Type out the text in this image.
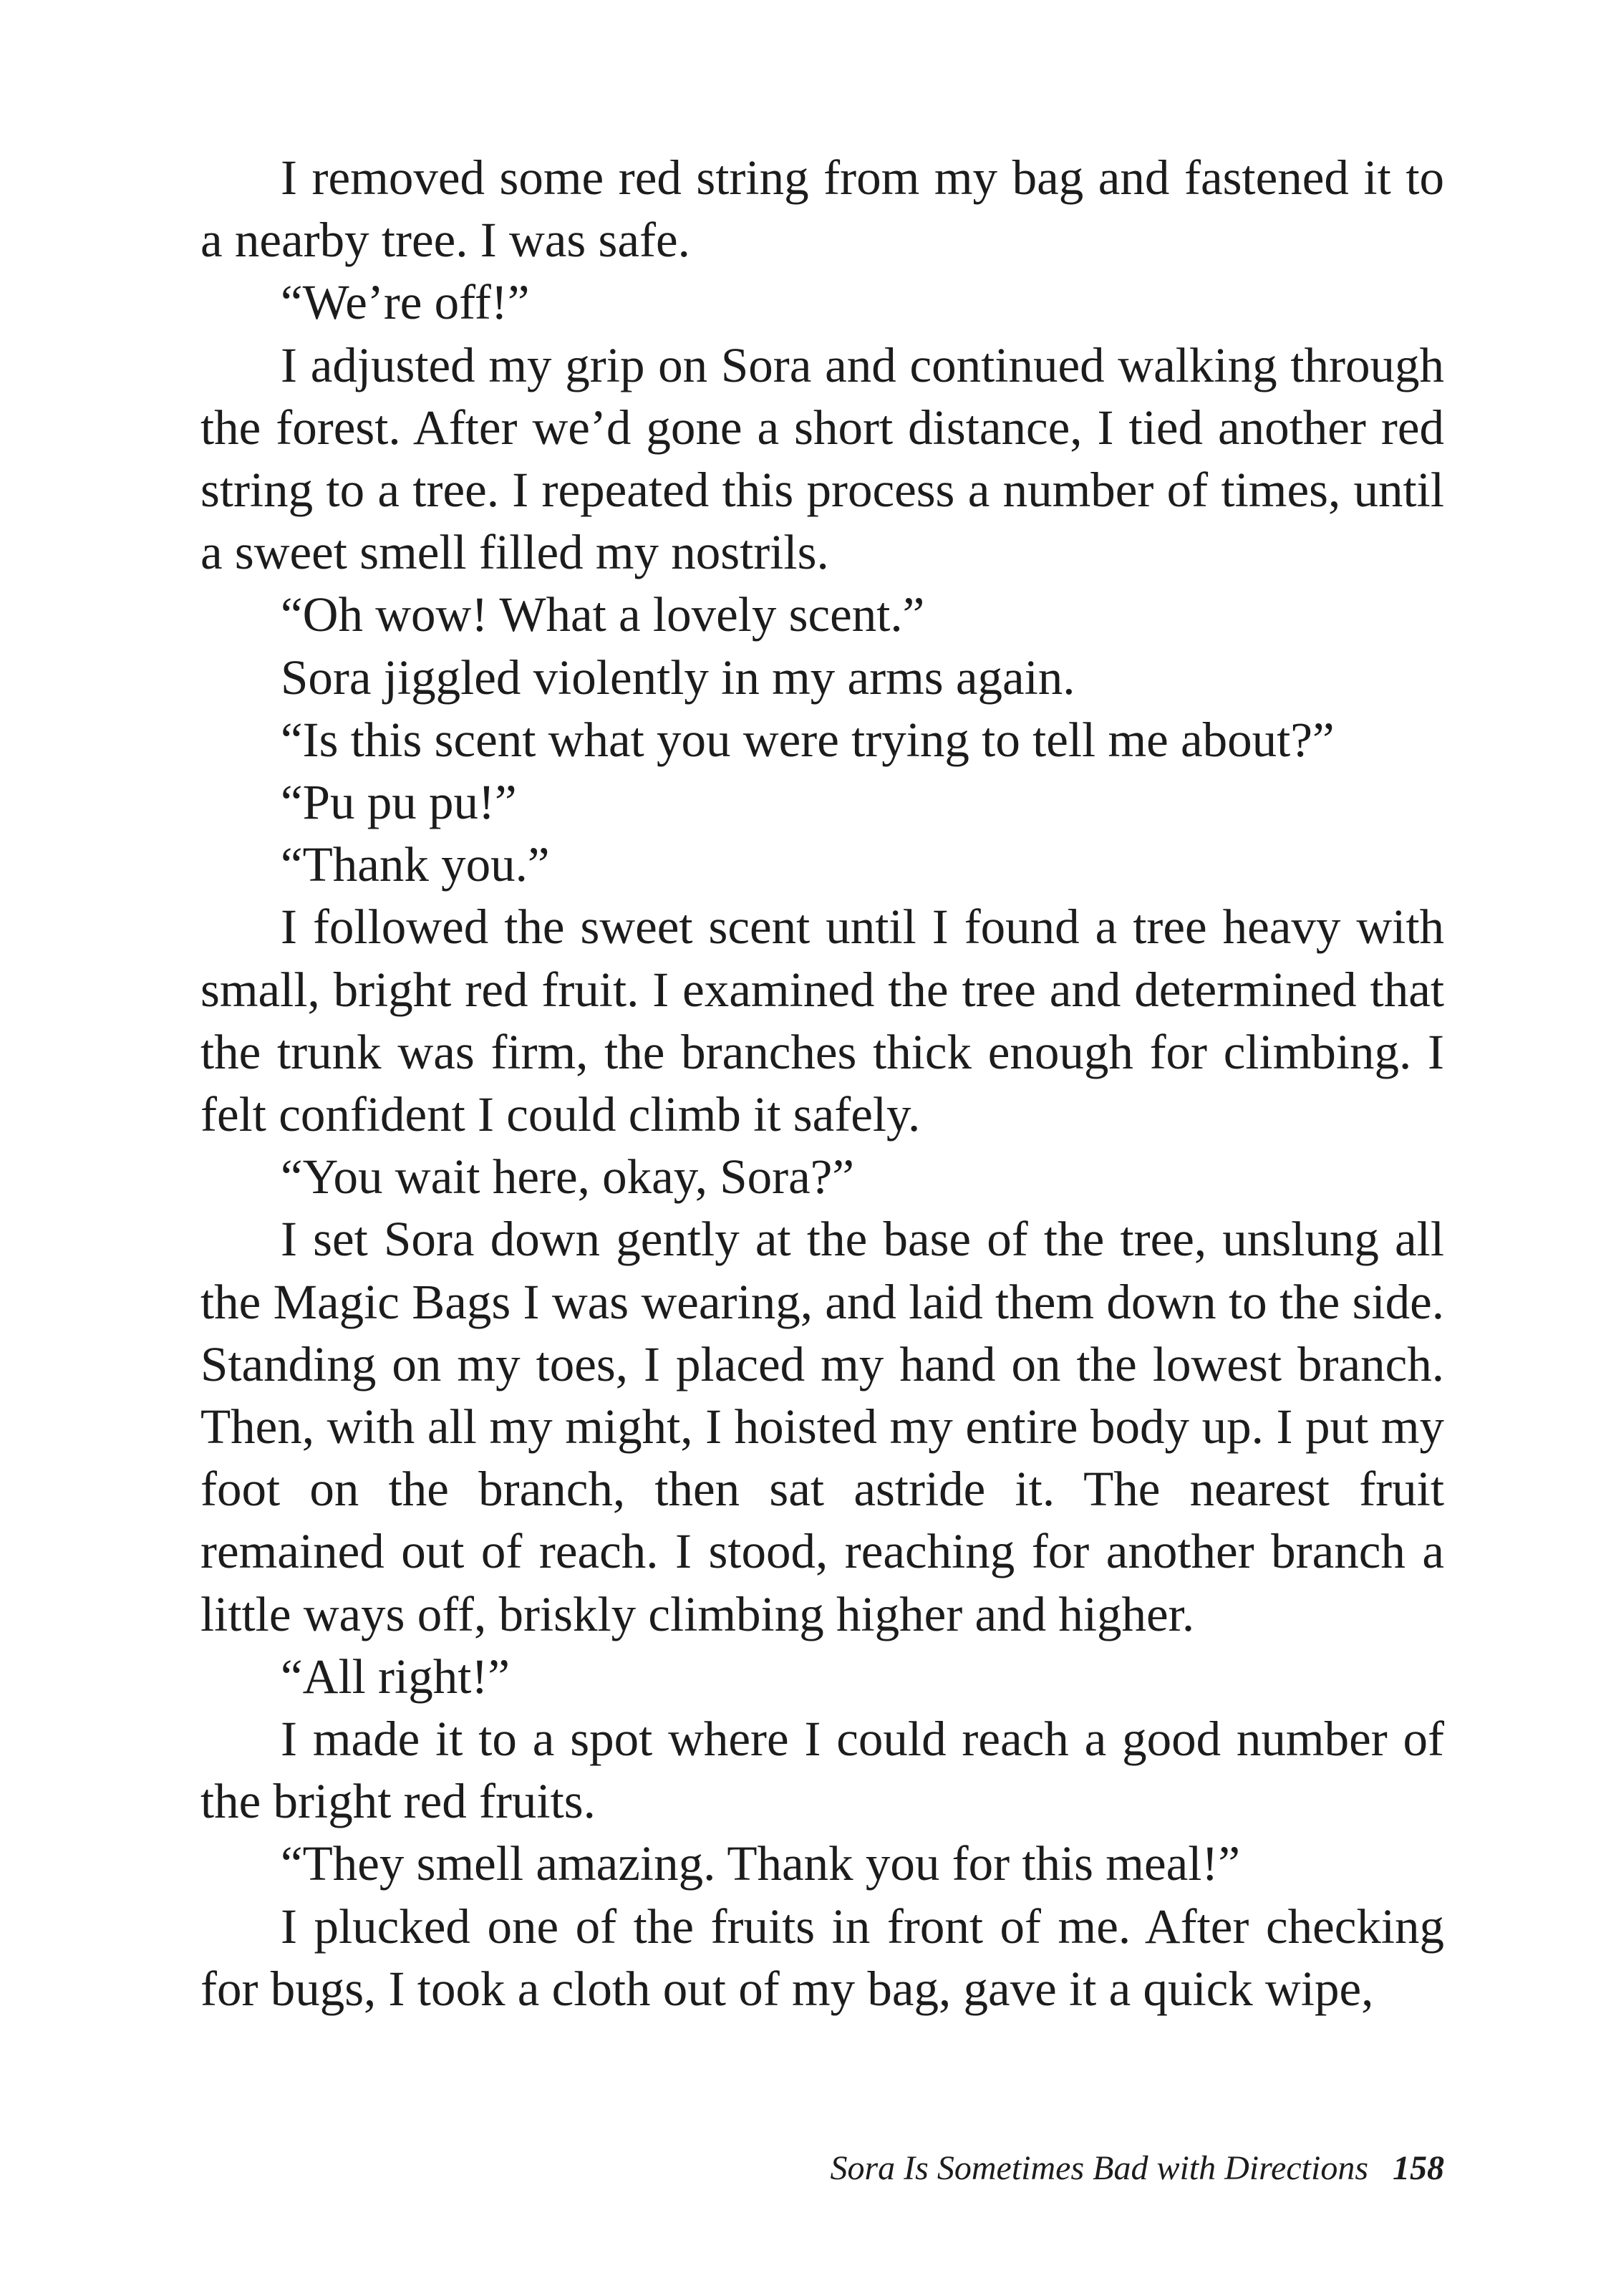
I removed some red string from my bag and fastened it to a nearby tree. I was safe.

“We’re off!”

I adjusted my grip on Sora and continued walking through the forest. After we’d gone a short distance, I tied another red string to a tree. I repeated this process a number of times, until a sweet smell filled my nostrils.

“Oh wow! What a lovely scent.”

Sora jiggled violently in my arms again.

“Is this scent what you were trying to tell me about?”

“Pu pu pu!”

“Thank you.”

I followed the sweet scent until I found a tree heavy with small, bright red fruit. I examined the tree and determined that the trunk was firm, the branches thick enough for climbing. I felt confident I could climb it safely.

“You wait here, okay, Sora?”

I set Sora down gently at the base of the tree, unslung all the Magic Bags I was wearing, and laid them down to the side. Standing on my toes, I placed my hand on the lowest branch. Then, with all my might, I hoisted my entire body up. I put my foot on the branch, then sat astride it. The nearest fruit remained out of reach. I stood, reaching for another branch a little ways off, briskly climbing higher and higher.

“All right!”

I made it to a spot where I could reach a good number of the bright red fruits.

“They smell amazing. Thank you for this meal!”

I plucked one of the fruits in front of me. After checking for bugs, I took a cloth out of my bag, gave it a quick wipe,

Sora Is Sometimes Bad with Directions 158
